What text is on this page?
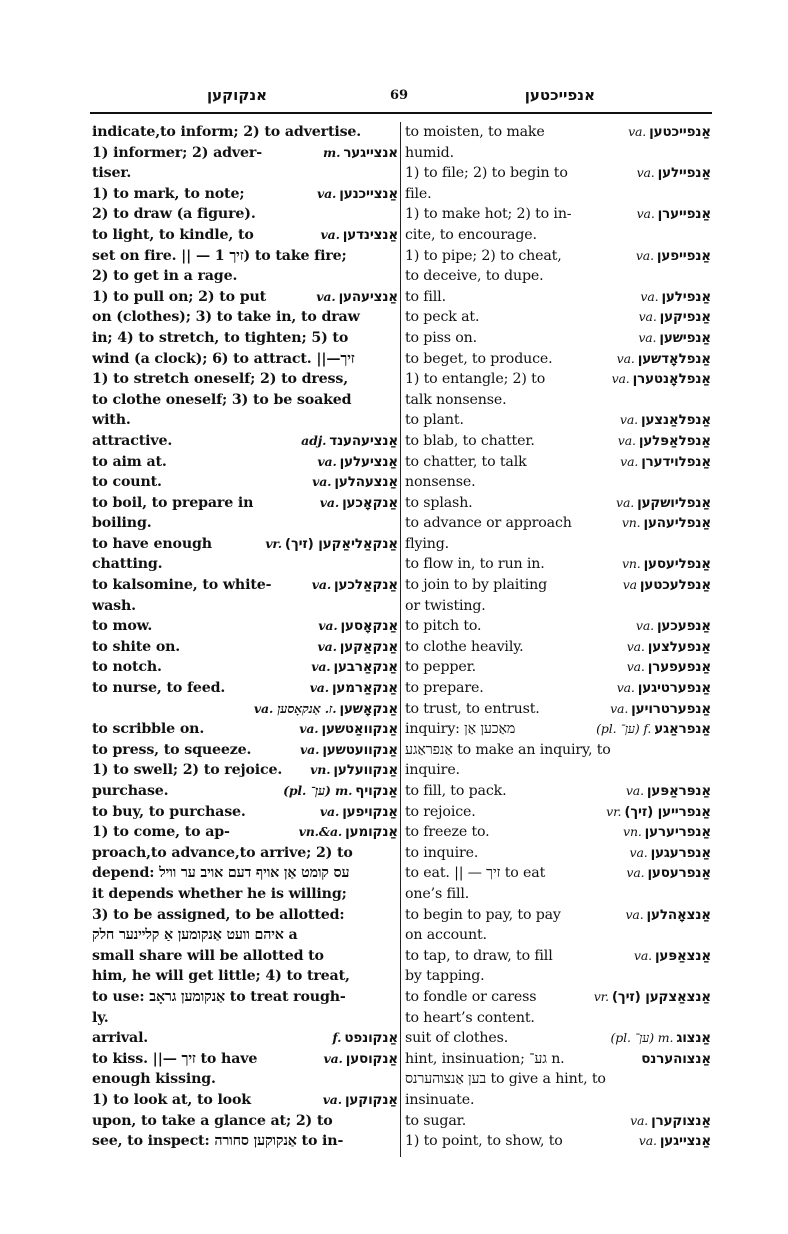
אנקוקען	69	אנפייכטען
indicate,to inform; 2) to advertise.
1) informer; 2) adver-	m. אנצייגער
tiser.
1) to mark, to note;	va. אַנצייכנען
2) to draw (a figure).
to light, to kindle, to	va. אַנצינדען
set on fire. || — זיך 1) to take fire;
2) to get in a rage.
1) to pull on; 2) to put	va. אַנציעהען
on (clothes); 3) to take in, to draw
in; 4) to stretch, to tighten; 5) to
wind (a clock); 6) to attract. ||—זיך
1) to stretch oneself; 2) to dress,
to clothe oneself; 3) to be soaked
with.
attractive.	adj. אַנציעהענד
to aim at.	va. אַנציעלען
to count.	va. אַנצעהלען
to boil, to prepare in	va. אַנקאָכען
boiling.
to have enough	vr. אַנקאַליאַקען (זיך)
chatting.
to kalsomine, to white-	va. אַנקאַלכען
wash.
to mow.	va. אַנקאָסען
to shite on.	va. אַנקאַקען
to notch.	va. אַנקאַרבען
to nurse, to feed.	va. אַנקאַרמען
va. ז. אַנקאָסען. אַנקאָשען
to scribble on.	va. אַנקוואַטשען
to press, to squeeze.	va. אַנקוועטשען
1) to swell; 2) to rejoice. vn. אַנקוועלען
purchase.	(pl. ען־) m. אַנקויף
to buy, to purchase.	va. אַנקויפען
1) to come, to ap-	vn.&a. אַנקומען
proach,to advance,to arrive; 2) to
depend: עס קומט אַן אויף דעם אויב ער וויל
it depends whether he is willing;
3) to be assigned, to be allotted:
איהם וועט אַנקומען אַ קליינער חלק a
small share will be allotted to
him, he will get little; 4) to treat,
to use: אַנקומען גראָב to treat rough-
ly.
arrival.	f. אַנקונפט
to kiss. ||— זיך to have	va. אַנקוסען
enough kissing.
1) to look at, to look	va. אַנקוקען
upon, to take a glance at; 2) to
see, to inspect: אַנקוקען סחורה to in-
to moisten, to make	va. אַנפייכטען
humid.
1) to file; 2) to begin to	va. אַנפיילען
file.
1) to make hot; 2) to in-	va. אַנפייערן
cite, to encourage.
1) to pipe; 2) to cheat,	va. אַנפייפען
to deceive, to dupe.
to fill.	va. אַנפילען
to peck at.	va. אַנפיקען
to piss on.	va. אַנפישען
to beget, to produce.	va. אַנפלאָדשען
1) to entangle; 2) to	va. אַנפלאָנטערן
talk nonsense.
to plant.	va. אַנפלאַנצען
to blab, to chatter.	va. אַנפלאַפּלען
to chatter, to talk	va. אַנפלוידערן
nonsense.
to splash.	va. אַנפליושקען
to advance or approach	vn. אַנפליעהען
flying.
to flow in, to run in.	vn. אַנפליעסען
to join to by plaiting	va אַנפלעכטען
or twisting.
to pitch to.	va. אַנפעכען
to clothe heavily.	va. אַנפעלצען
to pepper.	va. אַנפעפערן
to prepare.	va. אַנפערטיגען
to trust, to entrust.	va. אַנפערטרויען
inquiry: מאַכען אַן	(pl. ען־) f. אַנפראַגע
אַנפראַגע to make an inquiry, to
inquire.
to fill, to pack.	va. אַנפּראַפּען
to rejoice.	vr. אַנפרייען (זיך)
to freeze to.	vn. אַנפריערען
to inquire.	va. אַנפרעגען
to eat. || — זיך to eat	va. אַנפרעסען
one’s fill.
to begin to pay, to pay	va. אַנצאָהלען
on account.
to tap, to draw, to fill	va. אַנצאַפּען
by tapping.
to fondle or caress	vr. אַנצאַצקען (זיך)
to heart’s content.
suit of clothes.	(pl. ען־) m. אַנצוג
hint, insinuation; גע־ n.	אַנצוהערנס
בען אַנצוהערנס to give a hint, to
insinuate.
to sugar.	va. אַנצוקערן
1) to point, to show, to	va. אַנצייגען
